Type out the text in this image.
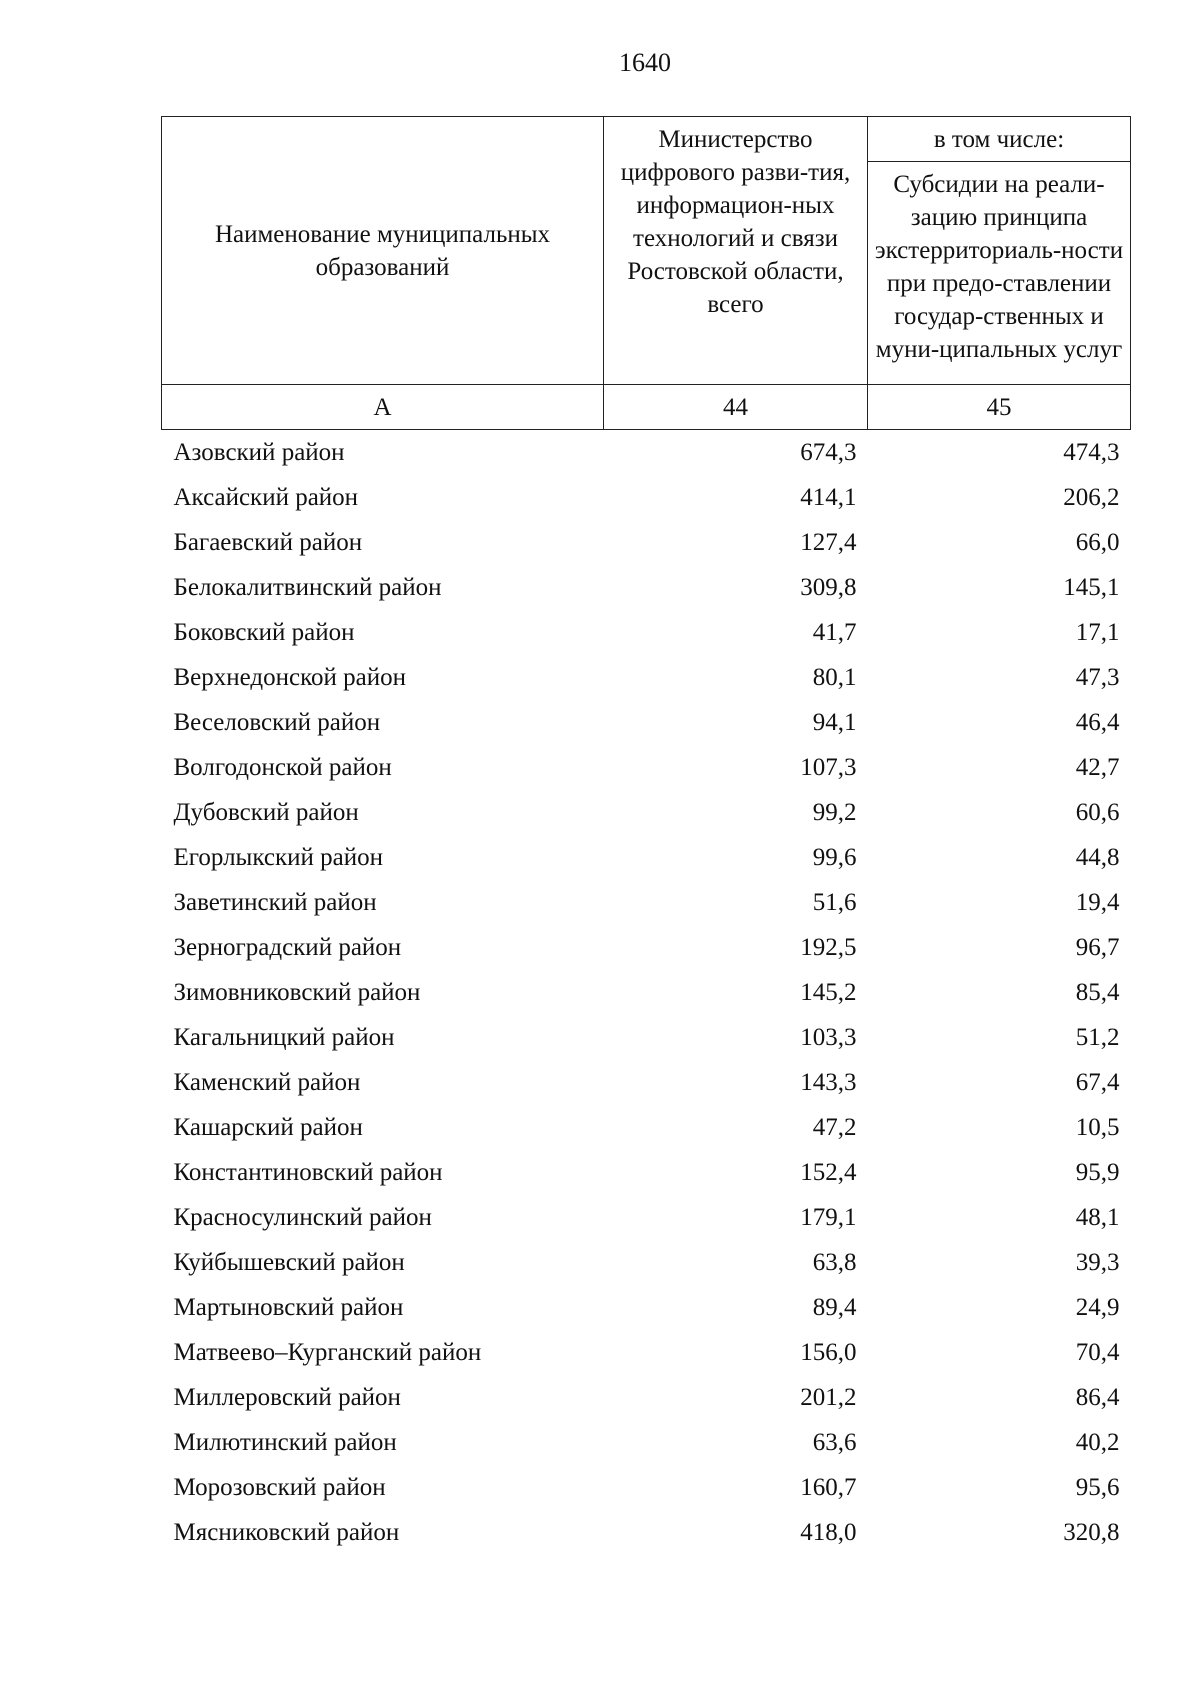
1640
Наименование муниципальных образований	Министерство цифрового разви-тия, информацион-ных технологий и связи Ростовской области, всего	в том числе:
		Субсидии на реали-зацию принципа экстерриториаль-ности при предо-ставлении государ-ственных и муни-ципальных услуг
А	44	45
Азовский район	674,3	474,3
Аксайский район	414,1	206,2
Багаевский район	127,4	66,0
Белокалитвинский район	309,8	145,1
Боковский район	41,7	17,1
Верхнедонской район	80,1	47,3
Веселовский район	94,1	46,4
Волгодонской район	107,3	42,7
Дубовский район	99,2	60,6
Егорлыкский район	99,6	44,8
Заветинский район	51,6	19,4
Зерноградский район	192,5	96,7
Зимовниковский район	145,2	85,4
Кагальницкий район	103,3	51,2
Каменский район	143,3	67,4
Кашарский район	47,2	10,5
Константиновский район	152,4	95,9
Красносулинский район	179,1	48,1
Куйбышевский район	63,8	39,3
Мартыновский район	89,4	24,9
Матвеево–Курганский район	156,0	70,4
Миллеровский район	201,2	86,4
Милютинский район	63,6	40,2
Морозовский район	160,7	95,6
Мясниковский район	418,0	320,8
